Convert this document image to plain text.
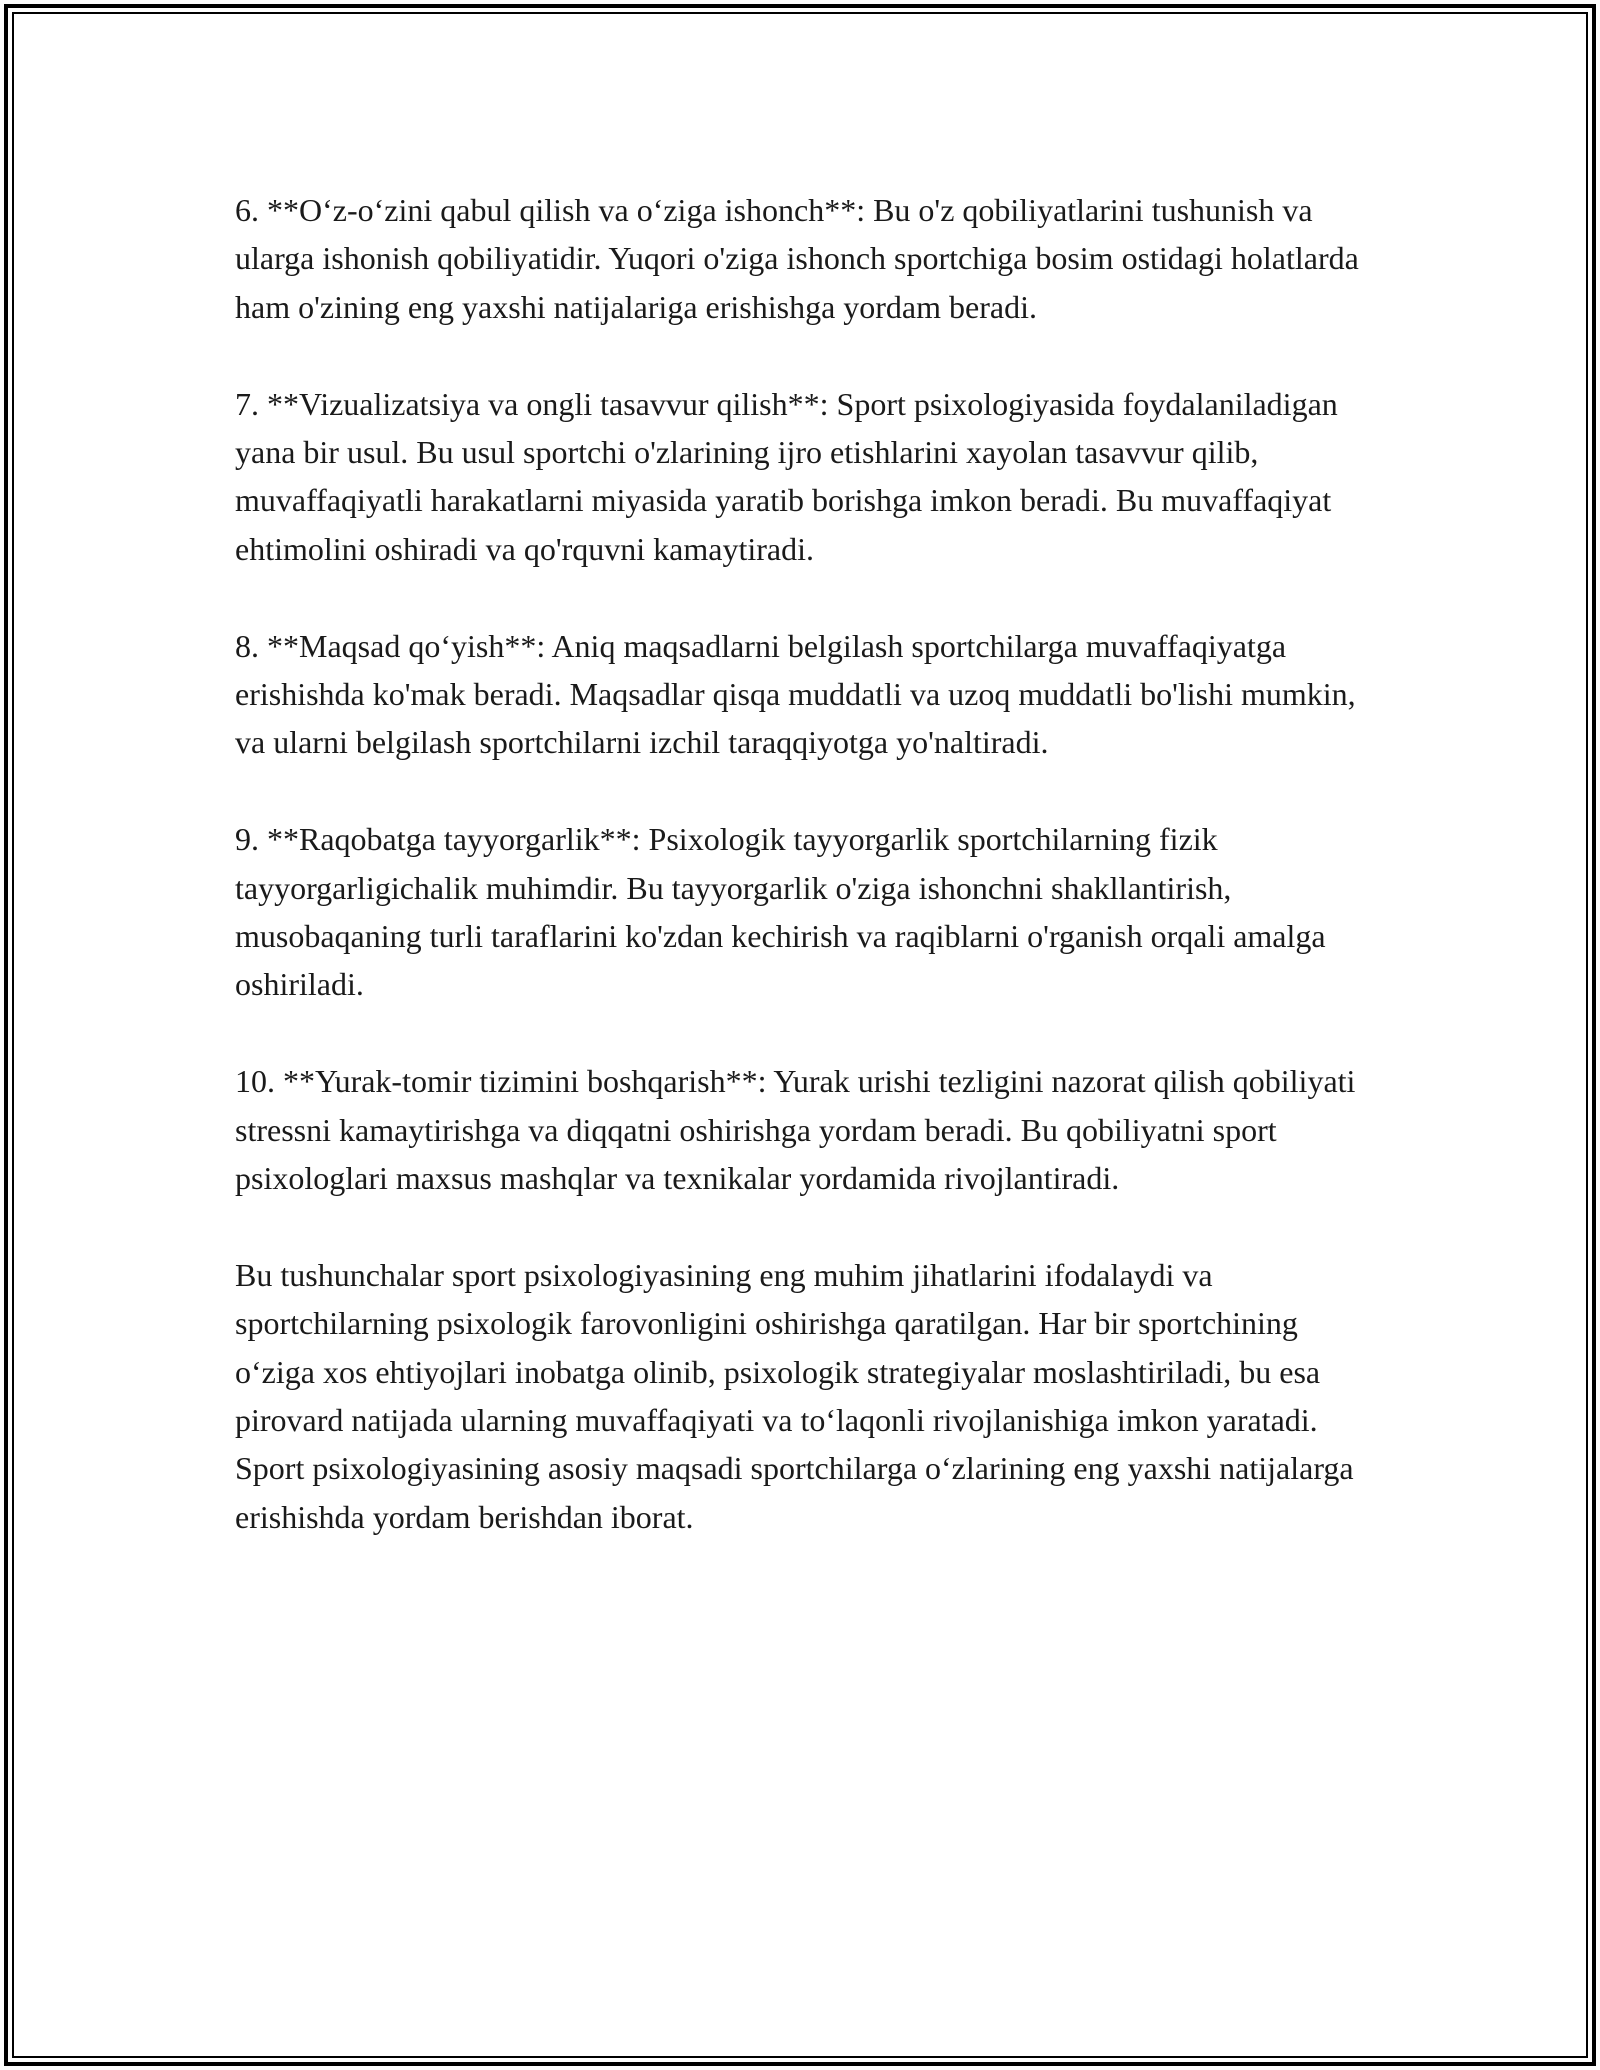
6. **O‘z-o‘zini qabul qilish va o‘ziga ishonch**: Bu o'z qobiliyatlarini tushunish va ularga ishonish qobiliyatidir. Yuqori o'ziga ishonch sportchiga bosim ostidagi holatlarda ham o'zining eng yaxshi natijalariga erishishga yordam beradi.

7. **Vizualizatsiya va ongli tasavvur qilish**: Sport psixologiyasida foydalaniladigan yana bir usul. Bu usul sportchi o'zlarining ijro etishlarini xayolan tasavvur qilib, muvaffaqiyatli harakatlarni miyasida yaratib borishga imkon beradi. Bu muvaffaqiyat ehtimolini oshiradi va qo'rquvni kamaytiradi.

8. **Maqsad qo‘yish**: Aniq maqsadlarni belgilash sportchilarga muvaffaqiyatga erishishda ko'mak beradi. Maqsadlar qisqa muddatli va uzoq muddatli bo'lishi mumkin, va ularni belgilash sportchilarni izchil taraqqiyotga yo'naltiradi.

9. **Raqobatga tayyorgarlik**: Psixologik tayyorgarlik sportchilarning fizik tayyorgarligichalik muhimdir. Bu tayyorgarlik o'ziga ishonchni shakllantirish, musobaqaning turli taraflarini ko'zdan kechirish va raqiblarni o'rganish orqali amalga oshiriladi.

10. **Yurak-tomir tizimini boshqarish**: Yurak urishi tezligini nazorat qilish qobiliyati stressni kamaytirishga va diqqatni oshirishga yordam beradi. Bu qobiliyatni sport psixologlari maxsus mashqlar va texnikalar yordamida rivojlantiradi.

Bu tushunchalar sport psixologiyasining eng muhim jihatlarini ifodalaydi va sportchilarning psixologik farovonligini oshirishga qaratilgan. Har bir sportchining o‘ziga xos ehtiyojlari inobatga olinib, psixologik strategiyalar moslashtiriladi, bu esa pirovard natijada ularning muvaffaqiyati va to‘laqonli rivojlanishiga imkon yaratadi. Sport psixologiyasining asosiy maqsadi sportchilarga o‘zlarining eng yaxshi natijalarga erishishda yordam berishdan iborat.
